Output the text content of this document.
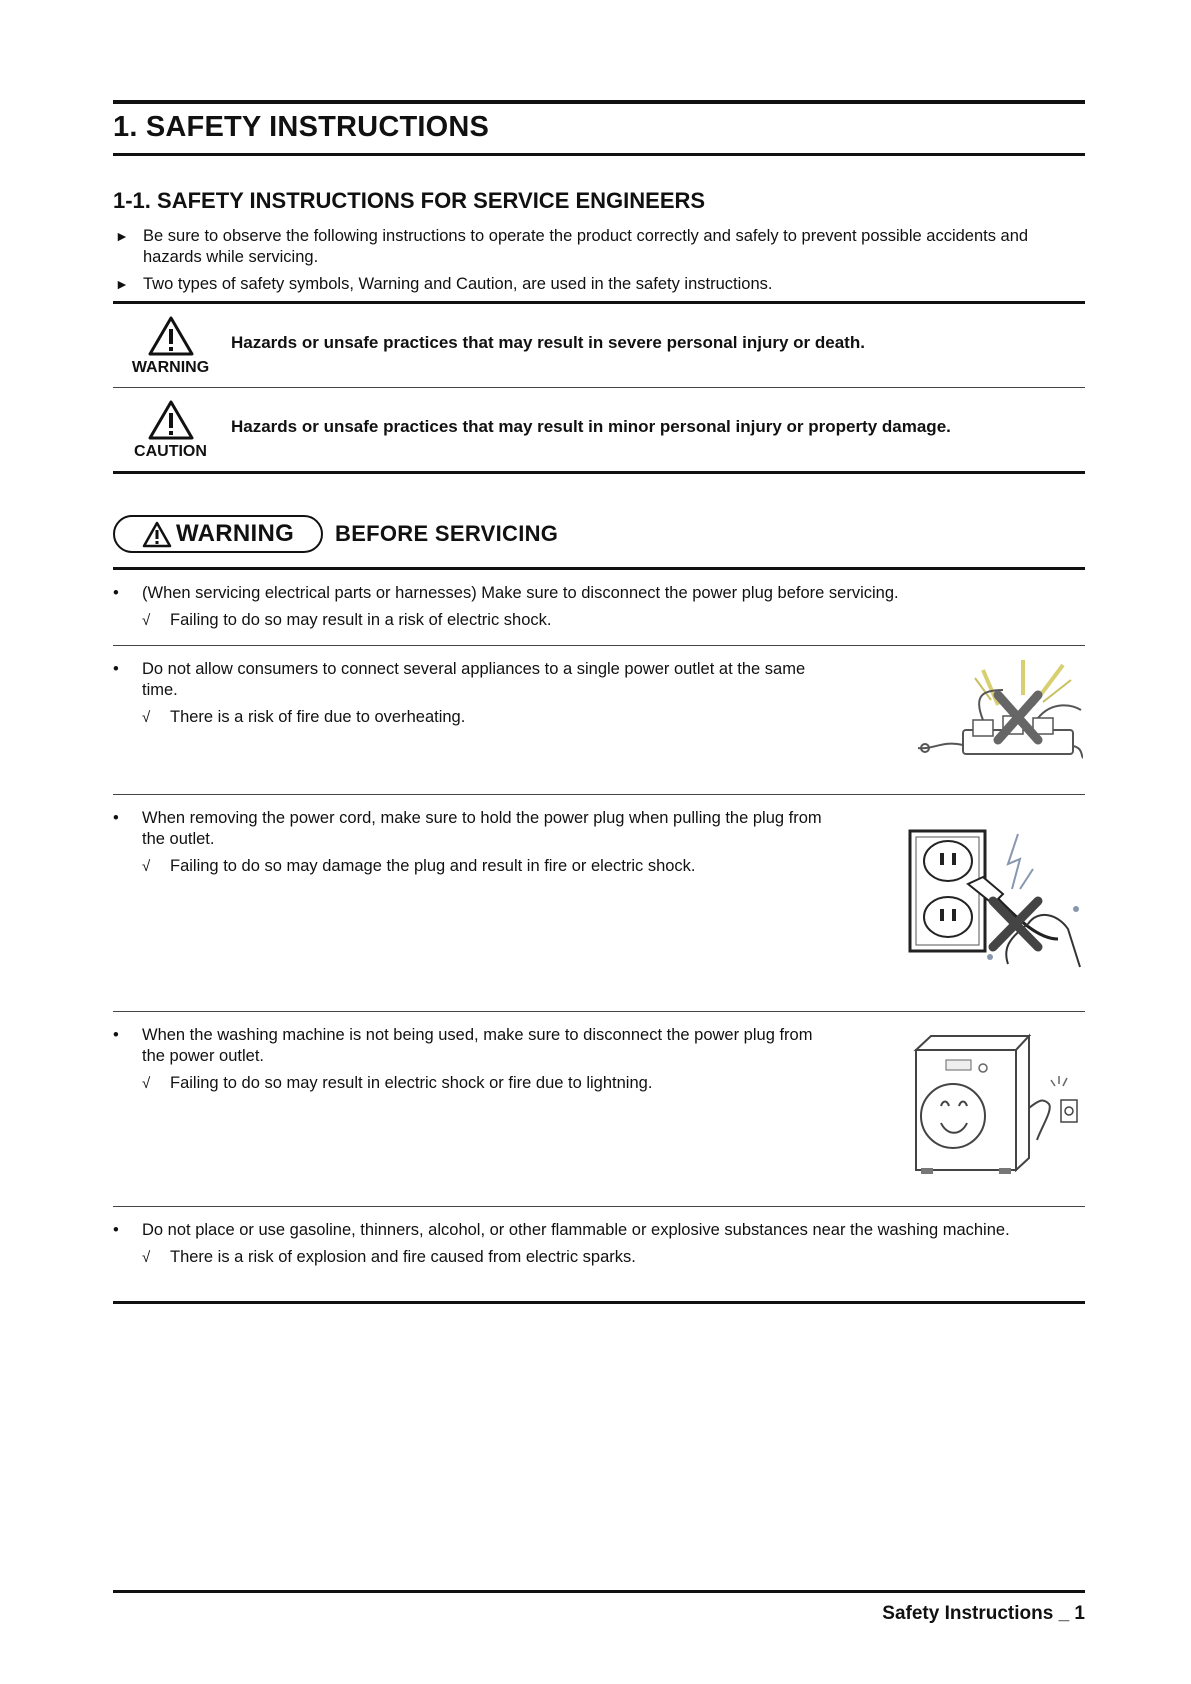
1. SAFETY INSTRUCTIONS
1-1. SAFETY INSTRUCTIONS FOR SERVICE ENGINEERS
► Be sure to observe the following instructions to operate the product correctly and safely to prevent possible accidents and hazards while servicing.
► Two types of safety symbols, Warning and Caution, are used in the safety instructions.
WARNING
Hazards or unsafe practices that may result in severe personal injury or death.
CAUTION
Hazards or unsafe practices that may result in minor personal injury or property damage.
WARNING BEFORE SERVICING
• (When servicing electrical parts or harnesses) Make sure to disconnect the power plug before servicing.
√ Failing to do so may result in a risk of electric shock.
• Do not allow consumers to connect several appliances to a single power outlet at the same time.
√ There is a risk of fire due to overheating.
• When removing the power cord, make sure to hold the power plug when pulling the plug from the outlet.
√ Failing to do so may damage the plug and result in fire or electric shock.
• When the washing machine is not being used, make sure to disconnect the power plug from the power outlet.
√ Failing to do so may result in electric shock or fire due to lightning.
• Do not place or use gasoline, thinners, alcohol, or other flammable or explosive substances near the washing machine.
√ There is a risk of explosion and fire caused from electric sparks.
Safety Instructions _ 1
